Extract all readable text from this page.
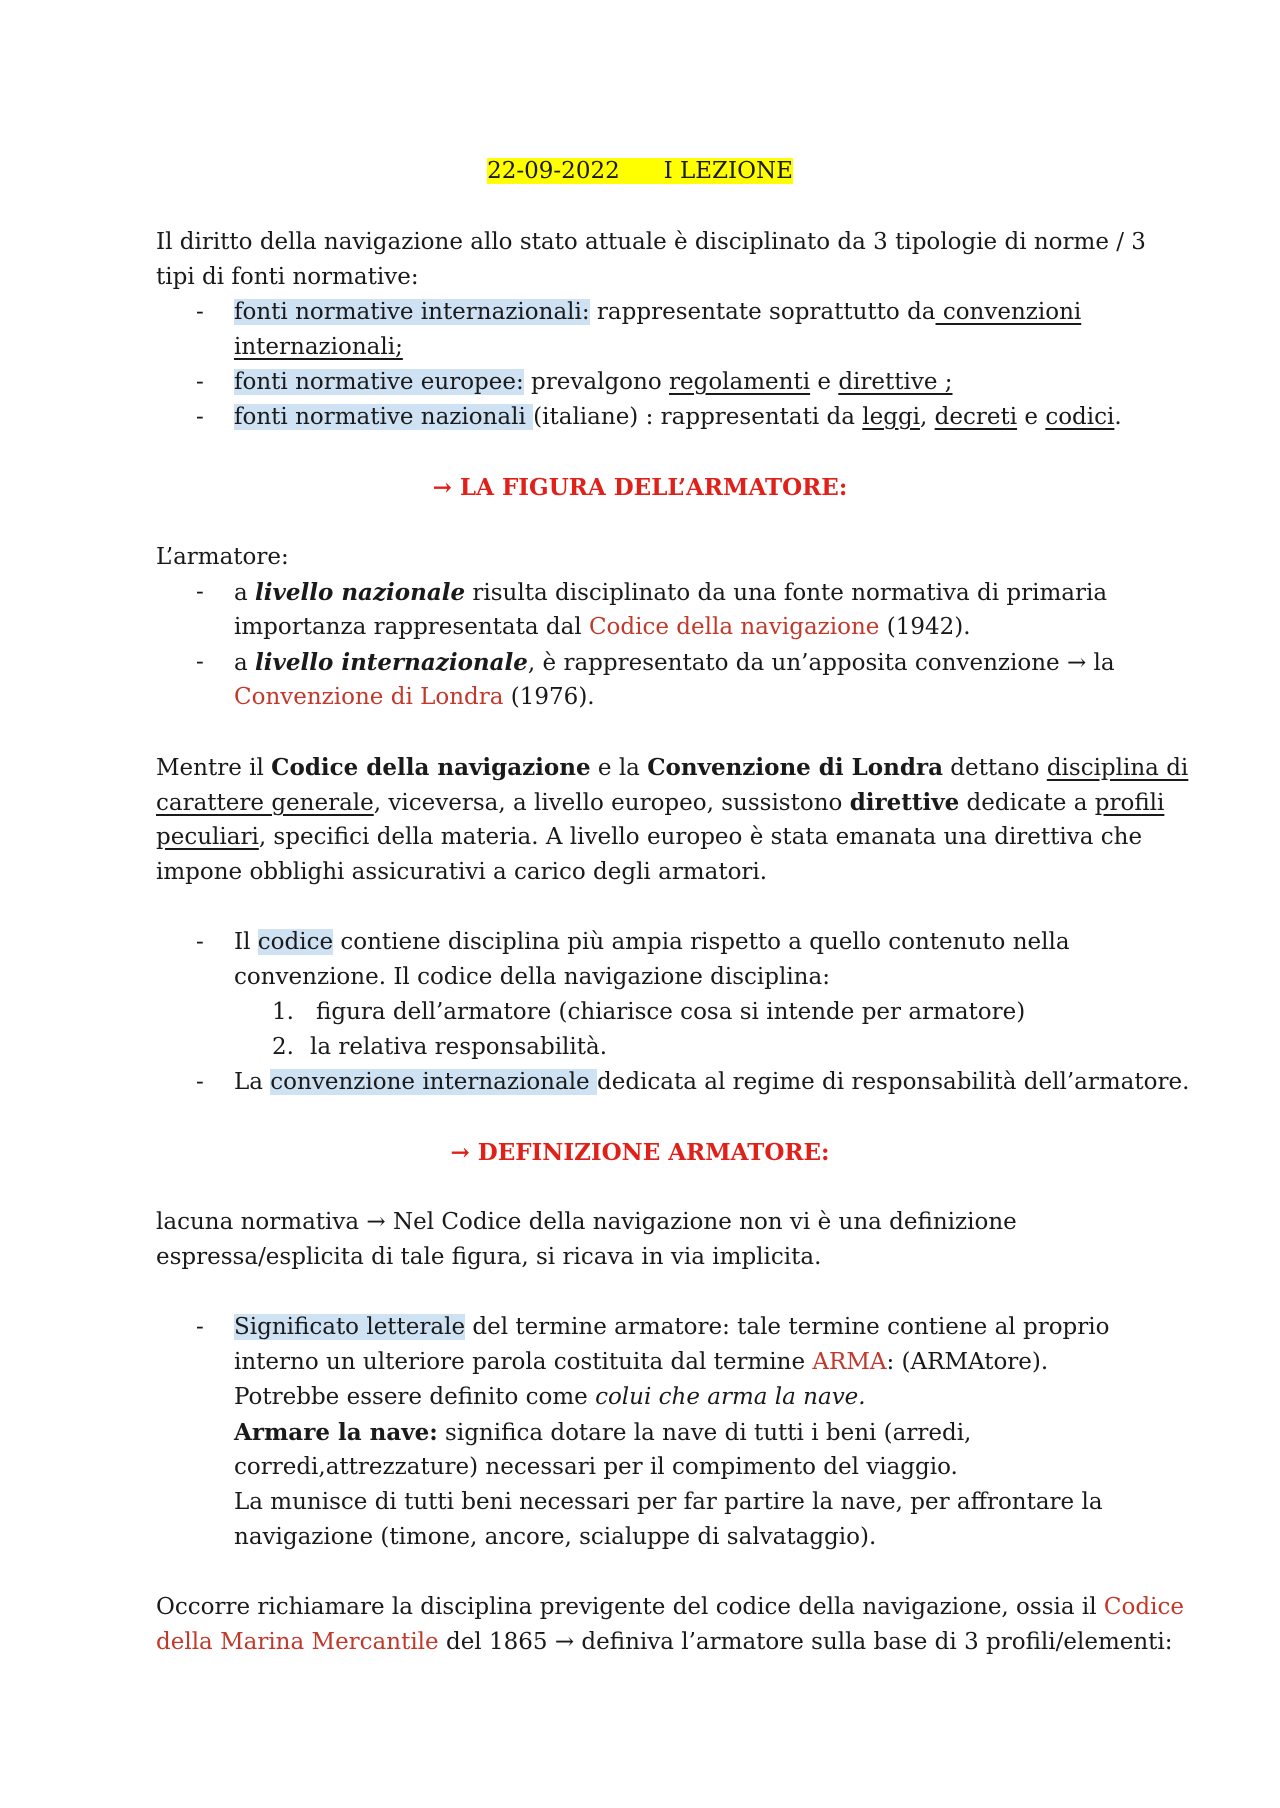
22-09-2022 I LEZIONE
Il diritto della navigazione allo stato attuale è disciplinato da 3 tipologie di norme / 3
tipi di fonti normative:
- fonti normative internazionali: rappresentate soprattutto da convenzioni
internazionali;
- fonti normative europee: prevalgono regolamenti e direttive ;
- fonti normative nazionali (italiane) : rappresentati da leggi, decreti e codici.
→ LA FIGURA DELL’ARMATORE:
L’armatore:
- a livello nazionale risulta disciplinato da una fonte normativa di primaria
importanza rappresentata dal Codice della navigazione (1942).
- a livello internazionale, è rappresentato da un’apposita convenzione → la
Convenzione di Londra (1976).
Mentre il Codice della navigazione e la Convenzione di Londra dettano disciplina di
carattere generale, viceversa, a livello europeo, sussistono direttive dedicate a profili
peculiari, specifici della materia. A livello europeo è stata emanata una direttiva che
impone obblighi assicurativi a carico degli armatori.
- Il codice contiene disciplina più ampia rispetto a quello contenuto nella
convenzione. Il codice della navigazione disciplina:
1. figura dell’armatore (chiarisce cosa si intende per armatore)
2. la relativa responsabilità.
- La convenzione internazionale dedicata al regime di responsabilità dell’armatore.
→ DEFINIZIONE ARMATORE:
lacuna normativa → Nel Codice della navigazione non vi è una definizione
espressa/esplicita di tale figura, si ricava in via implicita.
- Significato letterale del termine armatore: tale termine contiene al proprio
interno un ulteriore parola costituita dal termine ARMA: (ARMAtore).
Potrebbe essere definito come colui che arma la nave.
Armare la nave: significa dotare la nave di tutti i beni (arredi,
corredi,attrezzature) necessari per il compimento del viaggio.
La munisce di tutti beni necessari per far partire la nave, per affrontare la
navigazione (timone, ancore, scialuppe di salvataggio).
Occorre richiamare la disciplina previgente del codice della navigazione, ossia il Codice
della Marina Mercantile del 1865 → definiva l’armatore sulla base di 3 profili/elementi:
